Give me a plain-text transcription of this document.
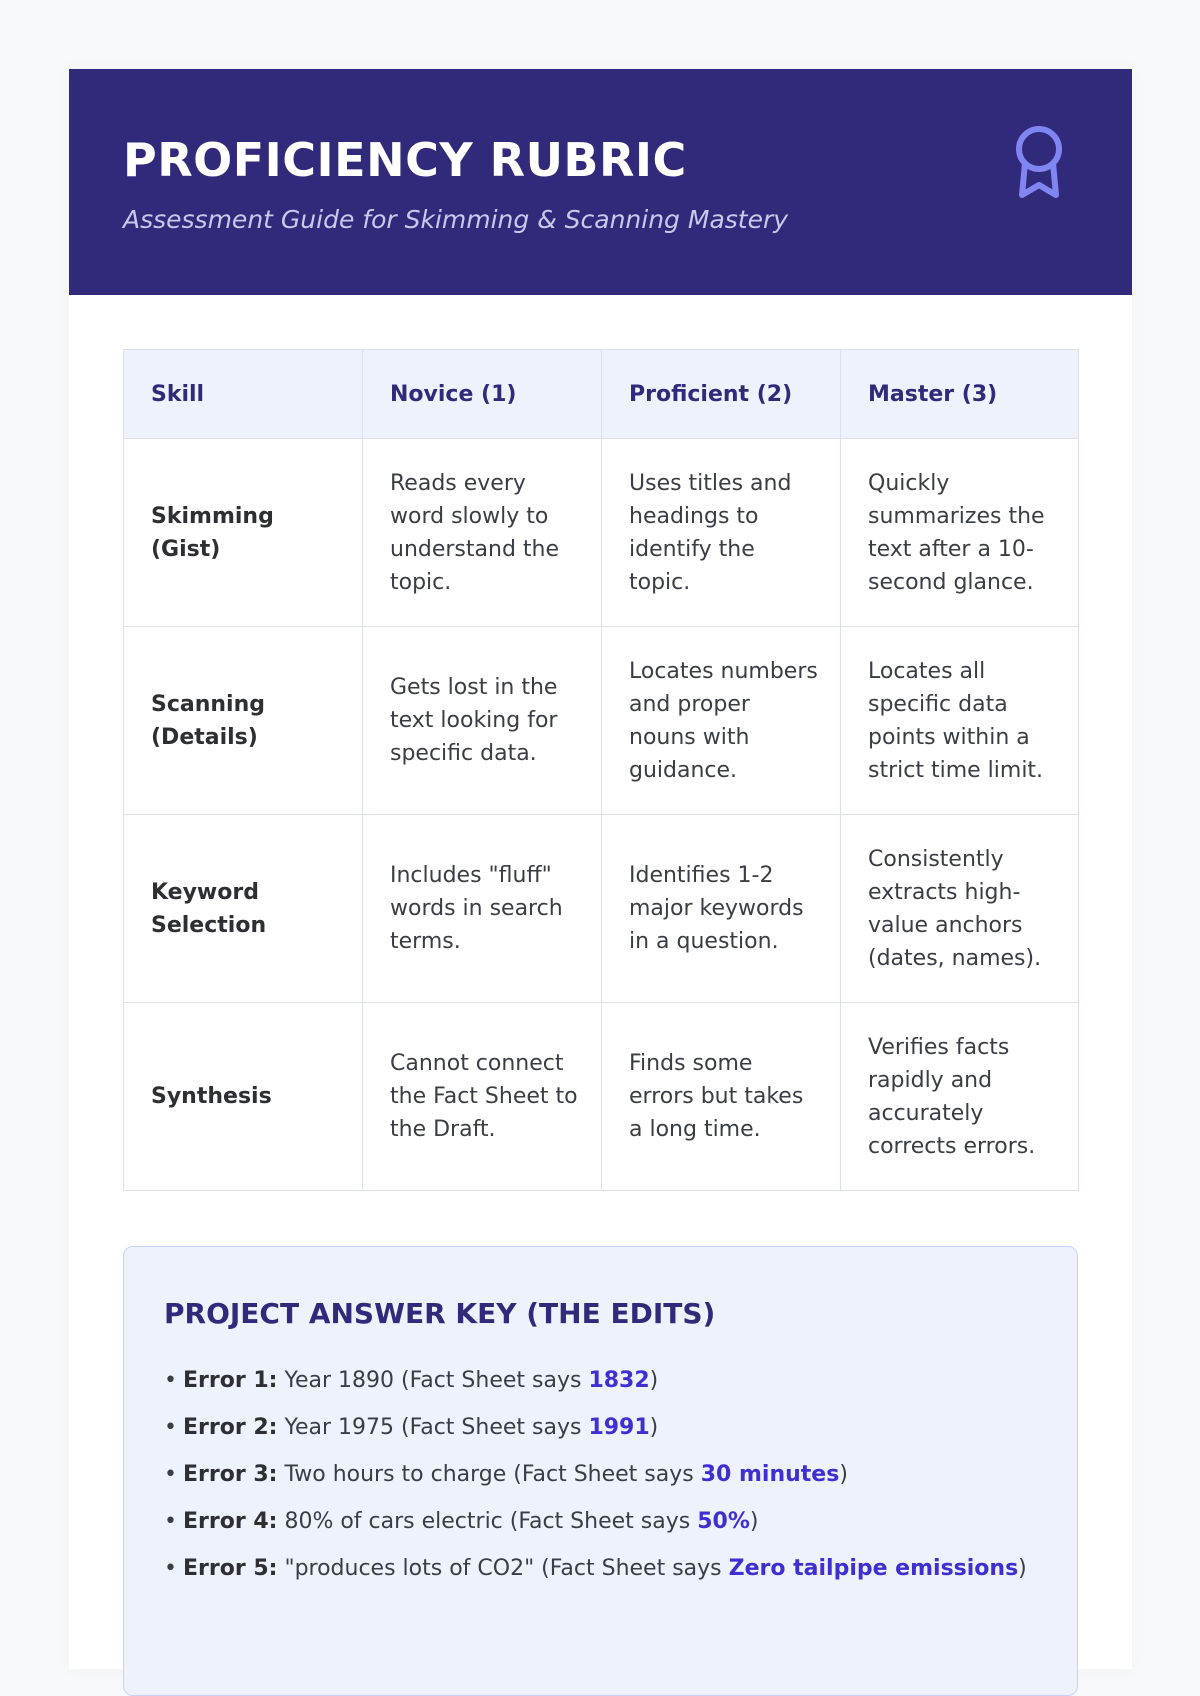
PROFICIENCY RUBRIC
Assessment Guide for Skimming & Scanning Mastery
Skill	Novice (1)	Proficient (2)	Master (3)
Skimming (Gist)	Reads every word slowly to understand the topic.	Uses titles and headings to identify the topic.	Quickly summarizes the text after a 10-second glance.
Scanning (Details)	Gets lost in the text looking for specific data.	Locates numbers and proper nouns with guidance.	Locates all specific data points within a strict time limit.
Keyword Selection	Includes "fluff" words in search terms.	Identifies 1-2 major keywords in a question.	Consistently extracts high-value anchors (dates, names).
Synthesis	Cannot connect the Fact Sheet to the Draft.	Finds some errors but takes a long time.	Verifies facts rapidly and accurately corrects errors.
PROJECT ANSWER KEY (THE EDITS)
• Error 1: Year 1890 (Fact Sheet says 1832)
• Error 2: Year 1975 (Fact Sheet says 1991)
• Error 3: Two hours to charge (Fact Sheet says 30 minutes)
• Error 4: 80% of cars electric (Fact Sheet says 50%)
• Error 5: "produces lots of CO2" (Fact Sheet says Zero tailpipe emissions)
